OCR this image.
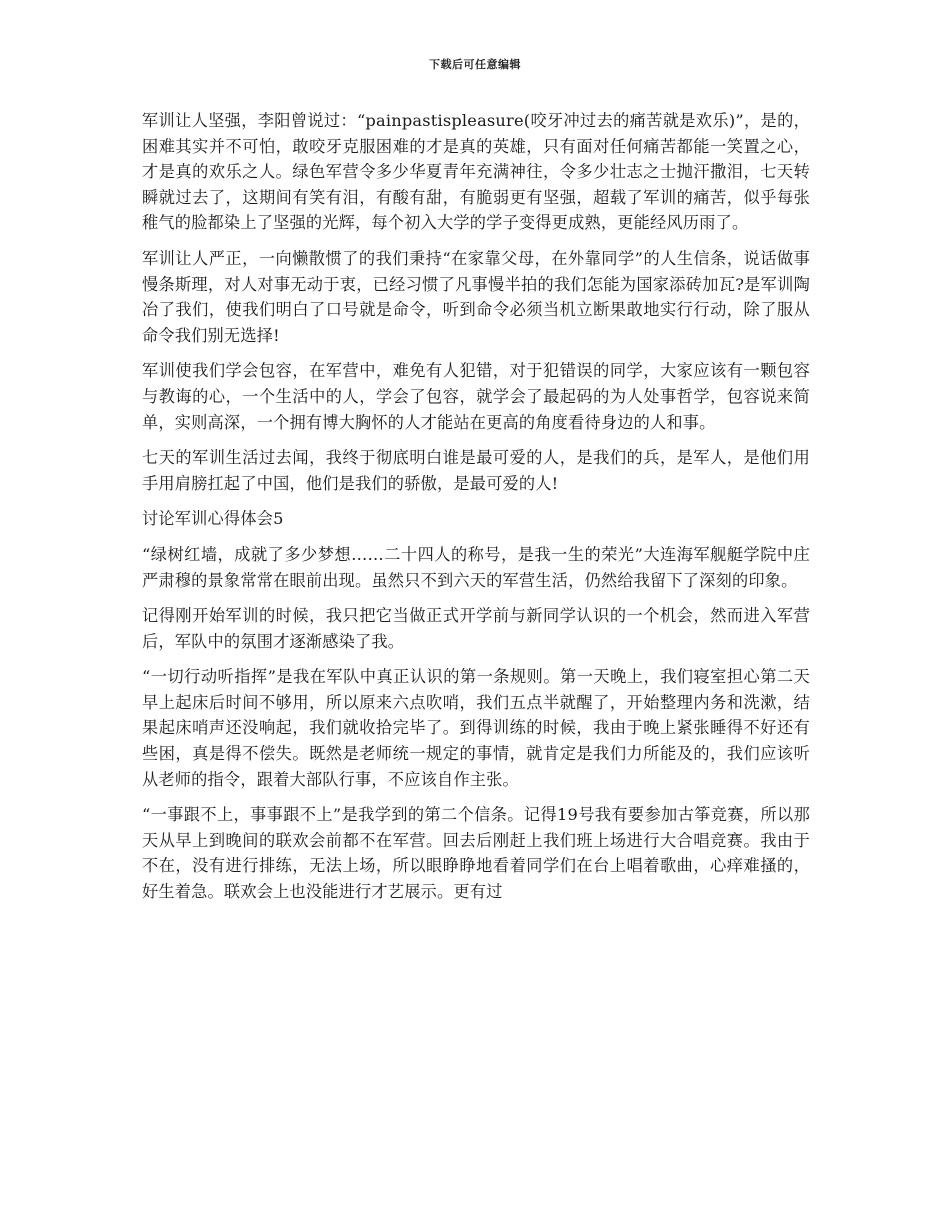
下载后可任意编辑

军训让人坚强，李阳曾说过：“painpastispleasure(咬牙冲过去的痛苦就是欢乐)”，是的，困难其实并不可怕，敢咬牙克服困难的才是真的英雄，只有面对任何痛苦都能一笑置之心，才是真的欢乐之人。绿色军营令多少华夏青年充满神往，令多少壮志之士抛汗撒泪，七天转瞬就过去了，这期间有笑有泪，有酸有甜，有脆弱更有坚强，超载了军训的痛苦，似乎每张稚气的脸都染上了坚强的光辉，每个初入大学的学子变得更成熟，更能经风历雨了。

军训让人严正，一向懒散惯了的我们秉持“在家靠父母，在外靠同学”的人生信条，说话做事慢条斯理，对人对事无动于衷，已经习惯了凡事慢半拍的我们怎能为国家添砖加瓦?是军训陶冶了我们，使我们明白了口号就是命令，听到命令必须当机立断果敢地实行行动，除了服从命令我们别无选择!

军训使我们学会包容，在军营中，难免有人犯错，对于犯错误的同学，大家应该有一颗包容与教诲的心，一个生活中的人，学会了包容，就学会了最起码的为人处事哲学，包容说来简单，实则高深，一个拥有博大胸怀的人才能站在更高的角度看待身边的人和事。

七天的军训生活过去闻，我终于彻底明白谁是最可爱的人，是我们的兵，是军人，是他们用手用肩膀扛起了中国，他们是我们的骄傲，是最可爱的人!

讨论军训心得体会5

“绿树红墙，成就了多少梦想……二十四人的称号，是我一生的荣光”大连海军舰艇学院中庄严肃穆的景象常常在眼前出现。虽然只不到六天的军营生活，仍然给我留下了深刻的印象。

记得刚开始军训的时候，我只把它当做正式开学前与新同学认识的一个机会，然而进入军营后，军队中的氛围才逐渐感染了我。

“一切行动听指挥”是我在军队中真正认识的第一条规则。第一天晚上，我们寝室担心第二天早上起床后时间不够用，所以原来六点吹哨，我们五点半就醒了，开始整理内务和洗漱，结果起床哨声还没响起，我们就收拾完毕了。到得训练的时候，我由于晚上紧张睡得不好还有些困，真是得不偿失。既然是老师统一规定的事情，就肯定是我们力所能及的，我们应该听从老师的指令，跟着大部队行事，不应该自作主张。

“一事跟不上，事事跟不上”是我学到的第二个信条。记得19号我有要参加古筝竞赛，所以那天从早上到晚间的联欢会前都不在军营。回去后刚赶上我们班上场进行大合唱竞赛。我由于不在，没有进行排练，无法上场，所以眼睁睁地看着同学们在台上唱着歌曲，心痒难搔的，好生着急。联欢会上也没能进行才艺展示。更有过
